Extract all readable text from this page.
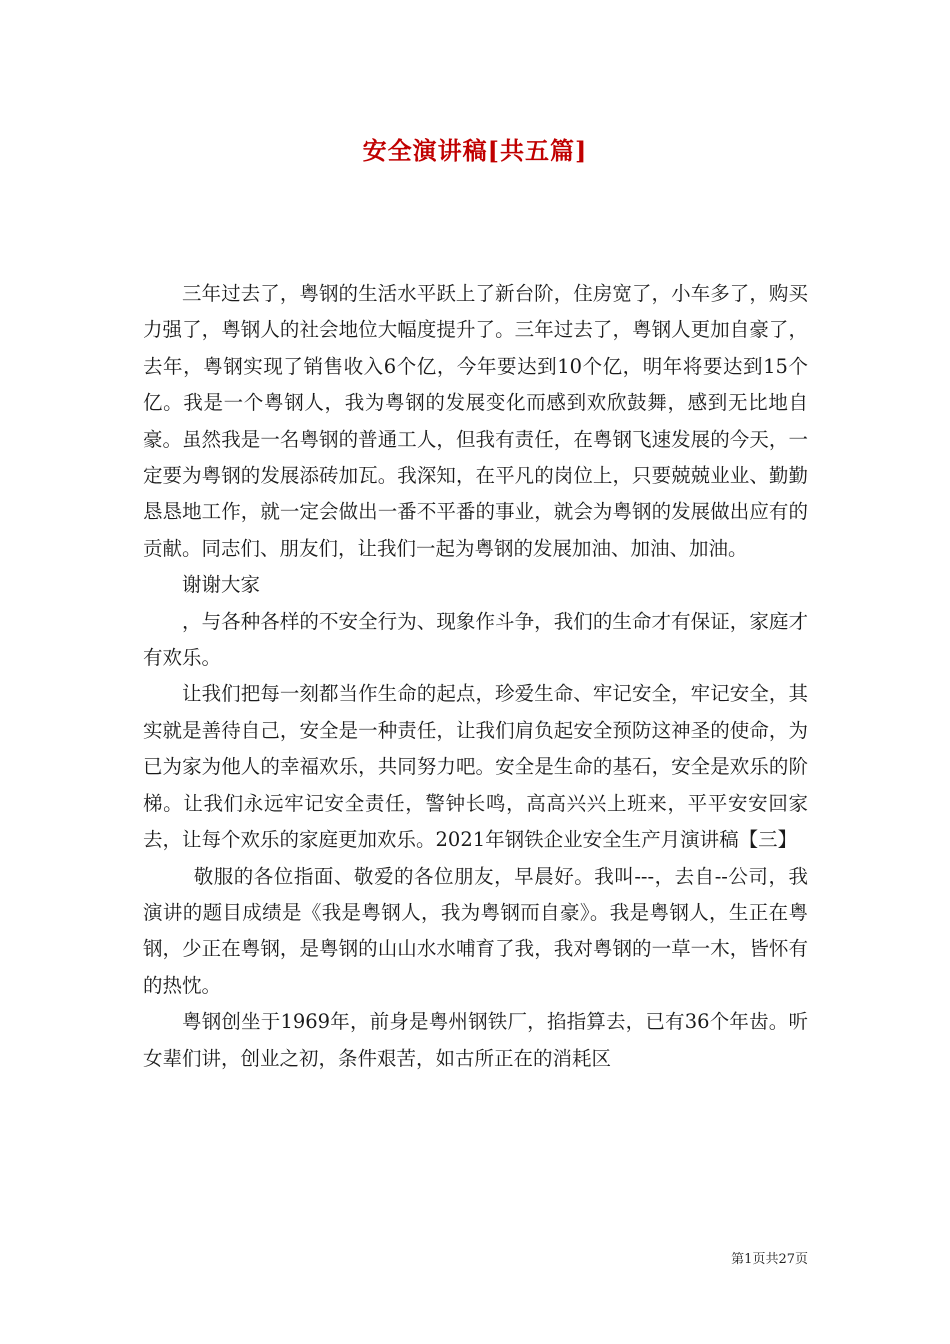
安全演讲稿[共五篇]

三年过去了，粤钢的生活水平跃上了新台阶，住房宽了，小车多了，购买力强了，粤钢人的社会地位大幅度提升了。三年过去了，粤钢人更加自豪了，去年，粤钢实现了销售收入6个亿，今年要达到10个亿，明年将要达到15个亿。我是一个粤钢人，我为粤钢的发展变化而感到欢欣鼓舞，感到无比地自豪。虽然我是一名粤钢的普通工人，但我有责任，在粤钢飞速发展的今天，一定要为粤钢的发展添砖加瓦。我深知，在平凡的岗位上，只要兢兢业业、勤勤恳恳地工作，就一定会做出一番不平番的事业，就会为粤钢的发展做出应有的贡献。同志们、朋友们，让我们一起为粤钢的发展加油、加油、加油。

谢谢大家

，与各种各样的不安全行为、现象作斗争，我们的生命才有保证，家庭才有欢乐。

让我们把每一刻都当作生命的起点，珍爱生命、牢记安全，牢记安全，其实就是善待自己，安全是一种责任，让我们肩负起安全预防这神圣的使命，为已为家为他人的幸福欢乐，共同努力吧。安全是生命的基石，安全是欢乐的阶梯。让我们永远牢记安全责任，警钟长鸣，高高兴兴上班来，平平安安回家去，让每个欢乐的家庭更加欢乐。2021年钢铁企业安全生产月演讲稿【三】

敬服的各位指面、敬爱的各位朋友，早晨好。我叫---，去自--公司，我演讲的题目成绩是《我是粤钢人，我为粤钢而自豪》。我是粤钢人，生正在粤钢，少正在粤钢，是粤钢的山山水水哺育了我，我对粤钢的一草一木，皆怀有的热忱。

粤钢创坐于1969年，前身是粤州钢铁厂，掐指算去，已有36个年齿。听女辈们讲，创业之初，条件艰苦，如古所正在的消耗区

第1页共27页
